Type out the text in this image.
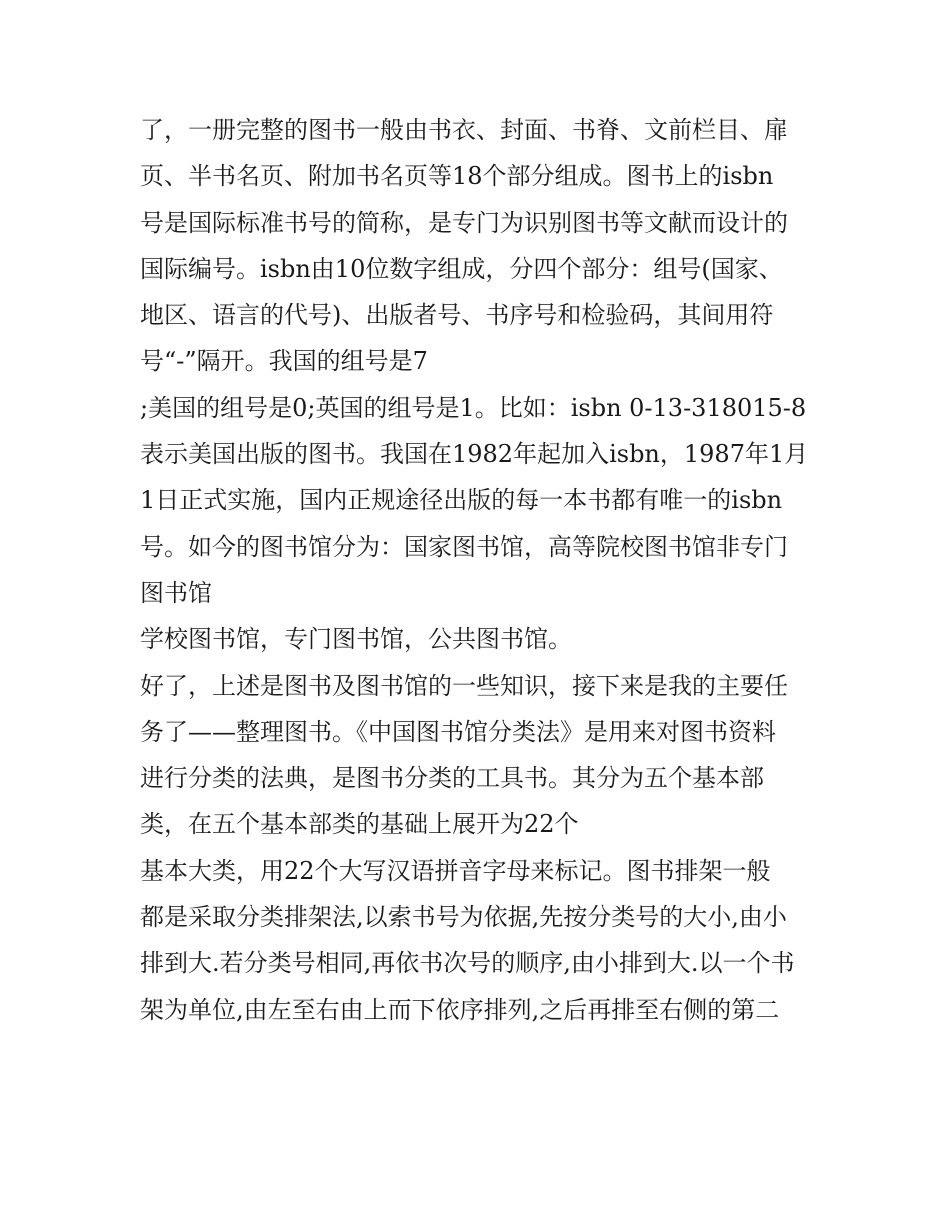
了，一册完整的图书一般由书衣、封面、书脊、文前栏目、扉
页、半书名页、附加书名页等18个部分组成。图书上的isbn
号是国际标准书号的简称，是专门为识别图书等文献而设计的
国际编号。isbn由10位数字组成，分四个部分：组号(国家、
地区、语言的代号)、出版者号、书序号和检验码，其间用符
号“-”隔开。我国的组号是7
;美国的组号是0;英国的组号是1。比如：isbn 0-13-318015-8
表示美国出版的图书。我国在1982年起加入isbn，1987年1月
1日正式实施，国内正规途径出版的每一本书都有唯一的isbn
号。如今的图书馆分为：国家图书馆，高等院校图书馆非专门
图书馆
学校图书馆，专门图书馆，公共图书馆。
好了，上述是图书及图书馆的一些知识，接下来是我的主要任
务了——整理图书。《中国图书馆分类法》是用来对图书资料
进行分类的法典，是图书分类的工具书。其分为五个基本部
类，在五个基本部类的基础上展开为22个
基本大类，用22个大写汉语拼音字母来标记。图书排架一般
都是采取分类排架法,以索书号为依据,先按分类号的大小,由小
排到大.若分类号相同,再依书次号的顺序,由小排到大.以一个书
架为单位,由左至右由上而下依序排列,之后再排至右侧的第二
